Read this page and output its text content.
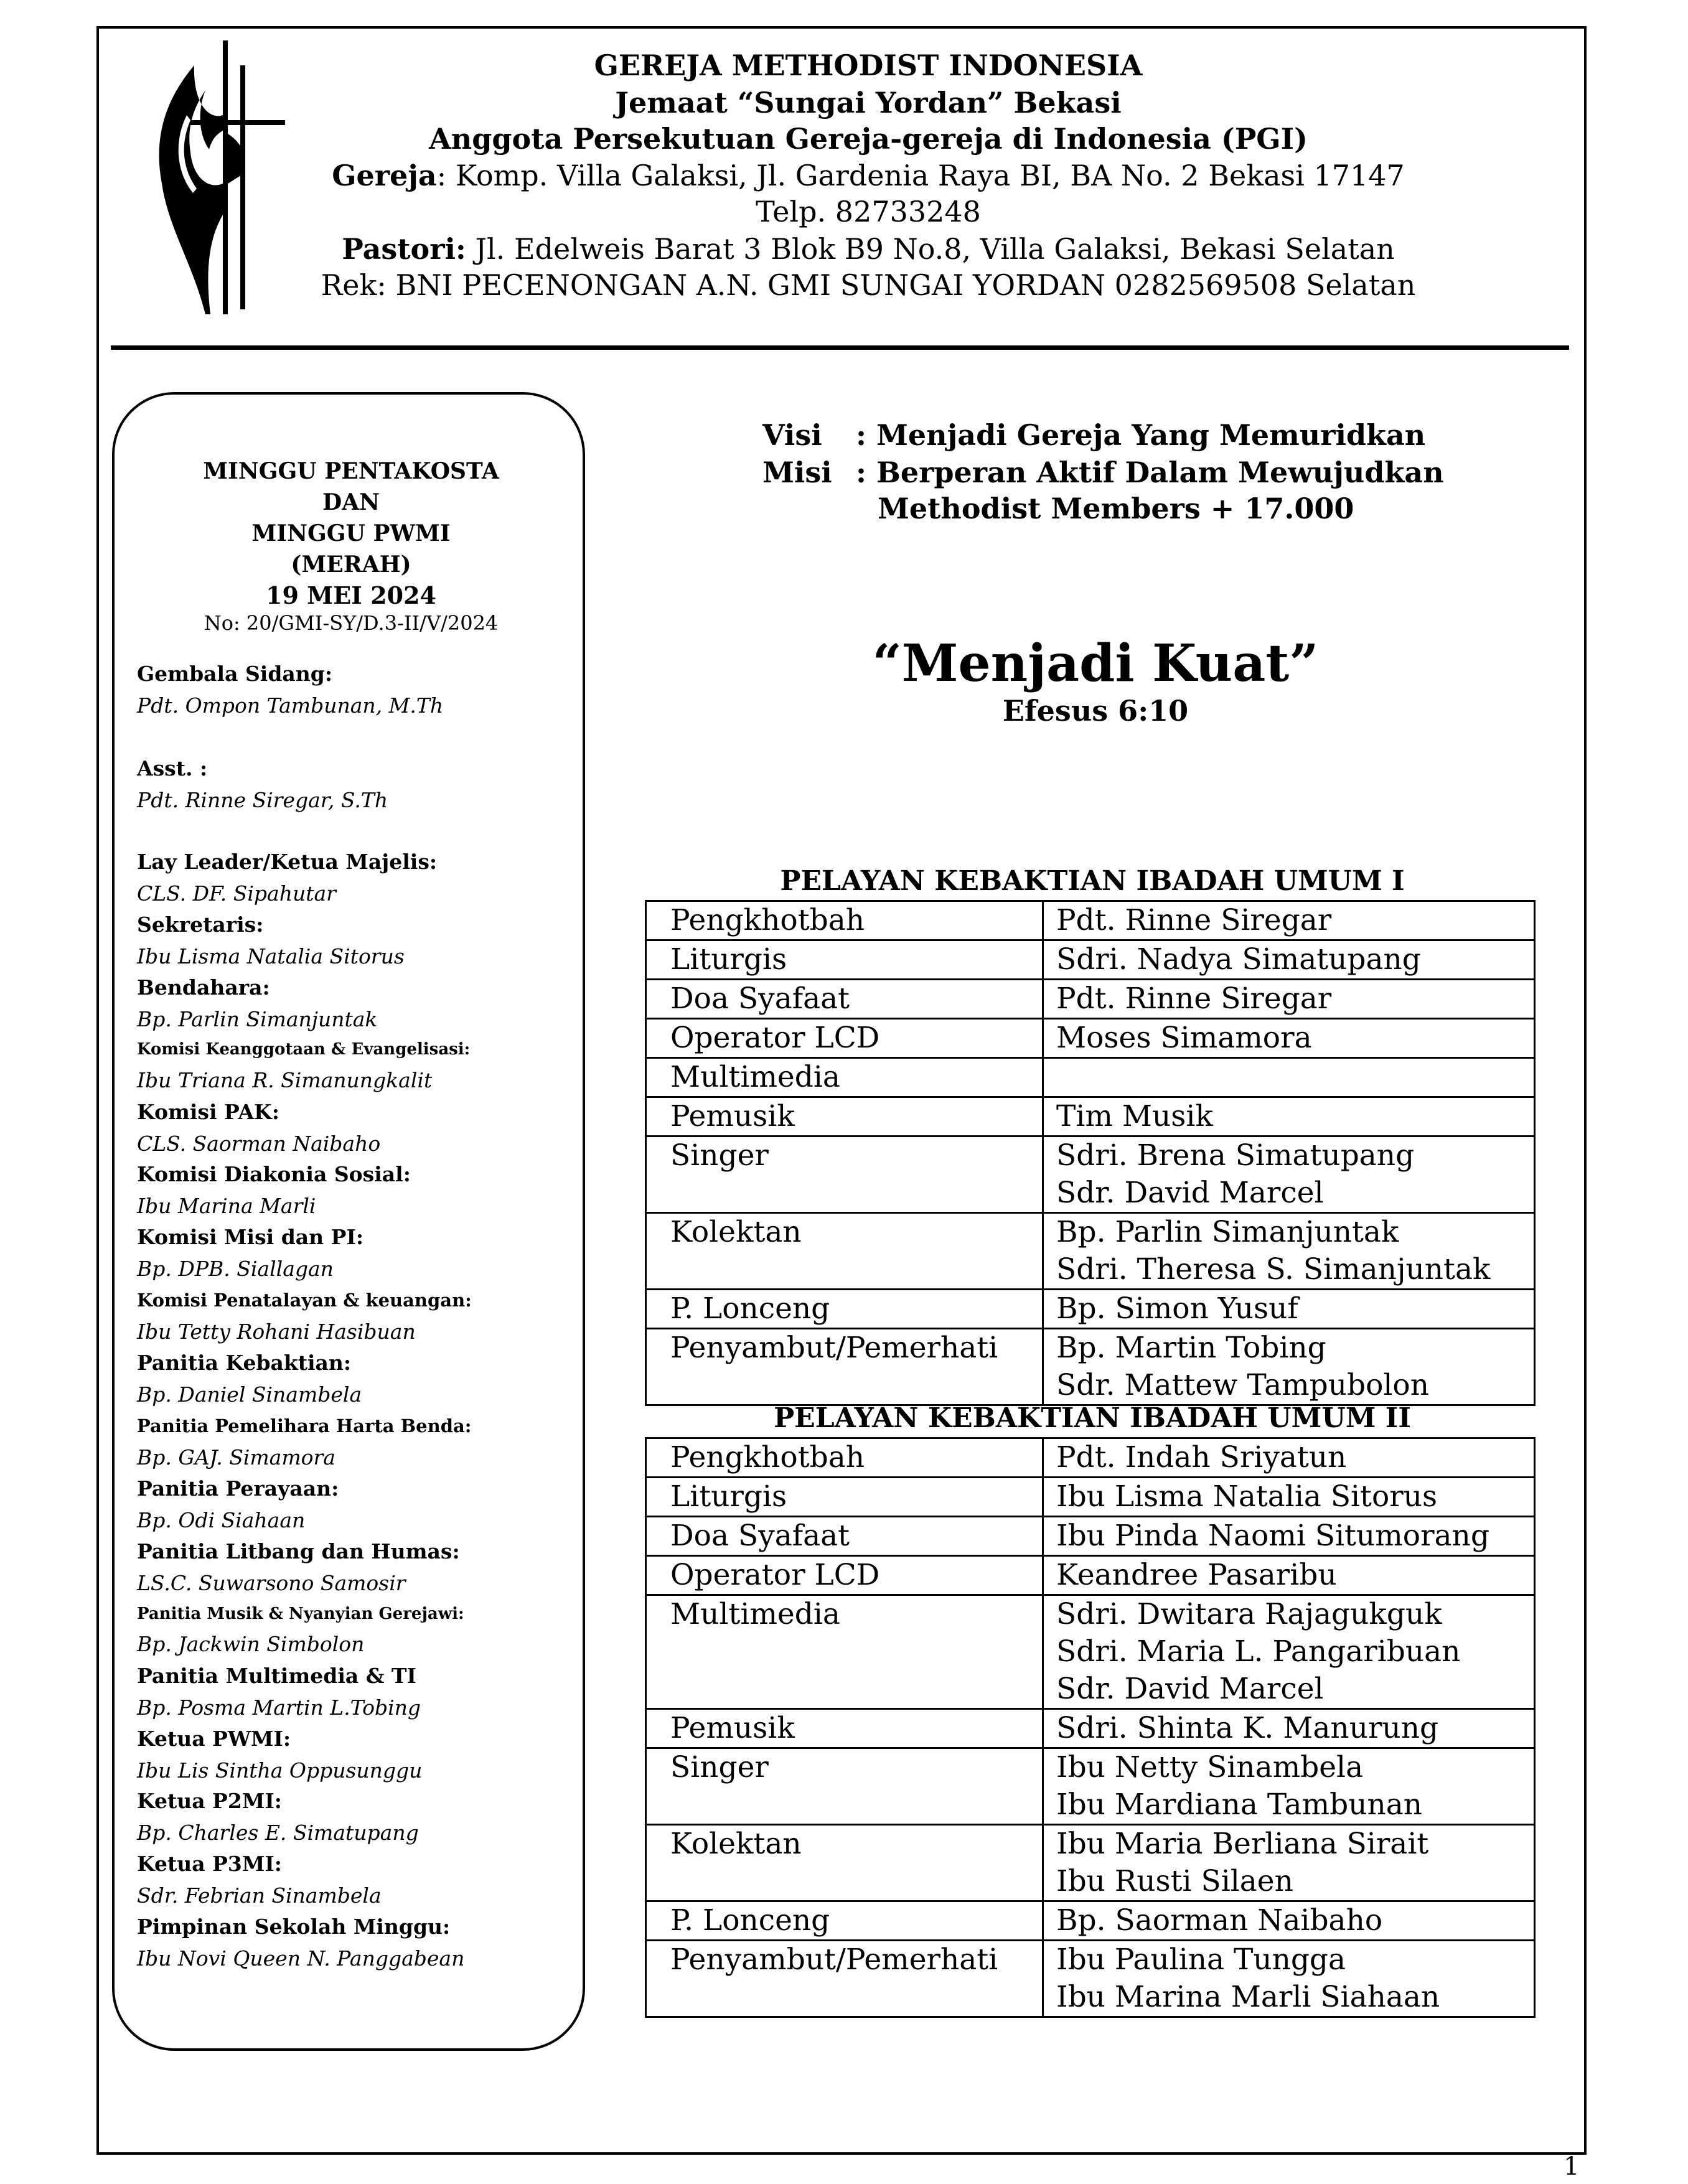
GEREJA METHODIST INDONESIA
Jemaat “Sungai Yordan” Bekasi
Anggota Persekutuan Gereja-gereja di Indonesia (PGI)
Gereja: Komp. Villa Galaksi, Jl. Gardenia Raya BI, BA No. 2 Bekasi 17147
Telp. 82733248
Pastori: Jl. Edelweis Barat 3 Blok B9 No.8, Villa Galaksi, Bekasi Selatan
Rek: BNI PECENONGAN A.N. GMI SUNGAI YORDAN 0282569508 Selatan
MINGGU PENTAKOSTA
DAN
MINGGU PWMI
(MERAH)
19 MEI 2024
No: 20/GMI-SY/D.3-II/V/2024
Gembala Sidang:
Pdt. Ompon Tambunan, M.Th
Asst. :
Pdt. Rinne Siregar, S.Th
Lay Leader/Ketua Majelis:
CLS. DF. Sipahutar
Sekretaris:
Ibu Lisma Natalia Sitorus
Bendahara:
Bp. Parlin Simanjuntak
Komisi Keanggotaan & Evangelisasi:
Ibu Triana R. Simanungkalit
Komisi PAK:
CLS. Saorman Naibaho
Komisi Diakonia Sosial:
Ibu Marina Marli
Komisi Misi dan PI:
Bp. DPB. Siallagan
Komisi Penatalayan & keuangan:
Ibu Tetty Rohani Hasibuan
Panitia Kebaktian:
Bp. Daniel Sinambela
Panitia Pemelihara Harta Benda:
Bp. GAJ. Simamora
Panitia Perayaan:
Bp. Odi Siahaan
Panitia Litbang dan Humas:
LS.C. Suwarsono Samosir
Panitia Musik & Nyanyian Gerejawi:
Bp. Jackwin Simbolon
Panitia Multimedia & TI
Bp. Posma Martin L.Tobing
Ketua PWMI:
Ibu Lis Sintha Oppusunggu
Ketua P2MI:
Bp. Charles E. Simatupang
Ketua P3MI:
Sdr. Febrian Sinambela
Pimpinan Sekolah Minggu:
Ibu Novi Queen N. Panggabean
Visi : Menjadi Gereja Yang Memuridkan
Misi : Berperan Aktif Dalam Mewujudkan
Methodist Members + 17.000
“Menjadi Kuat”
Efesus 6:10
PELAYAN KEBAKTIAN IBADAH UMUM I
Pengkhotbah	Pdt. Rinne Siregar

Liturgis	Sdri. Nadya Simatupang

Doa Syafaat	Pdt. Rinne Siregar

Operator LCD	Moses Simamora

Multimedia	

Pemusik	Tim Musik

Singer	Sdri. Brena Simatupang
Sdr. David Marcel

Kolektan	Bp. Parlin Simanjuntak
Sdri. Theresa S. Simanjuntak

P. Lonceng	Bp. Simon Yusuf

Penyambut/Pemerhati	Bp. Martin Tobing
Sdr. Mattew Tampubolon
PELAYAN KEBAKTIAN IBADAH UMUM II
Pengkhotbah	Pdt. Indah Sriyatun

Liturgis	Ibu Lisma Natalia Sitorus

Doa Syafaat	Ibu Pinda Naomi Situmorang

Operator LCD	Keandree Pasaribu

Multimedia	Sdri. Dwitara Rajagukguk
Sdri. Maria L. Pangaribuan
Sdr. David Marcel

Pemusik	Sdri. Shinta K. Manurung

Singer	Ibu Netty Sinambela
Ibu Mardiana Tambunan

Kolektan	Ibu Maria Berliana Sirait
Ibu Rusti Silaen

P. Lonceng	Bp. Saorman Naibaho

Penyambut/Pemerhati	Ibu Paulina Tungga
Ibu Marina Marli Siahaan
1
